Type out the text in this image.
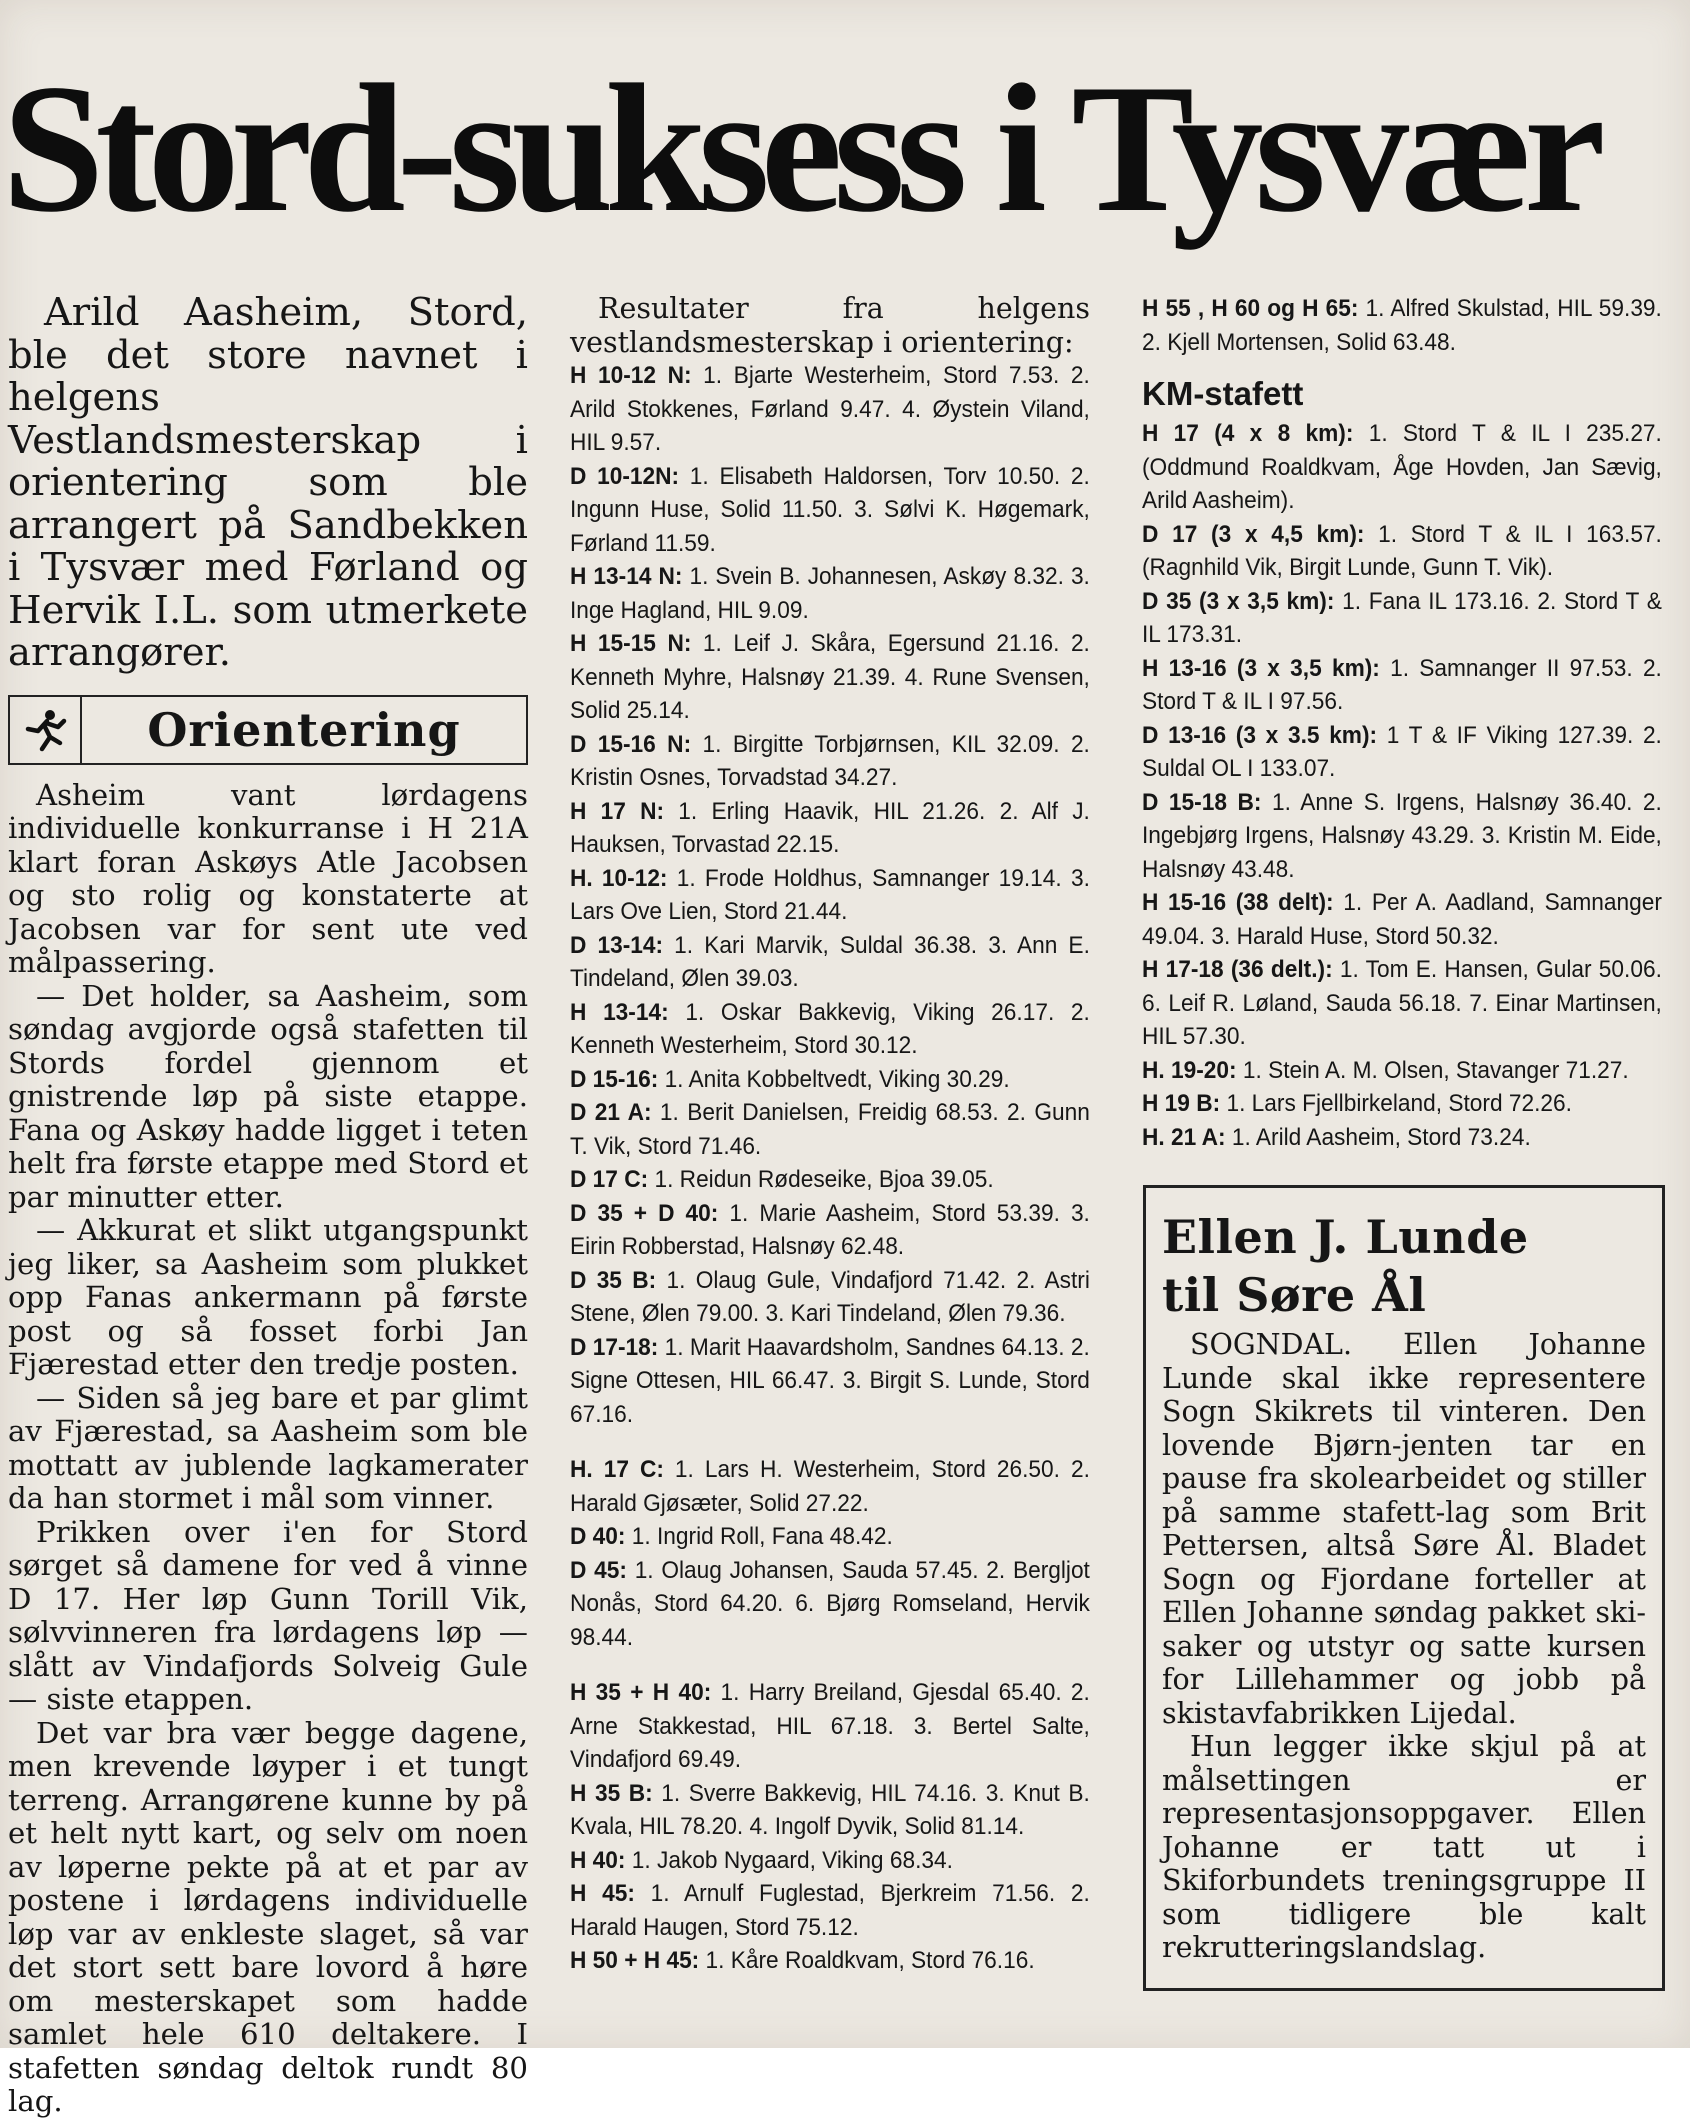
Stord-suksess i Tysvær

Arild Aasheim, Stord, ble det store navnet i helgens Vestlandsmesterskap i orientering som ble arrangert på Sandbekken i Tysvær med Førland og Hervik I.L. som utmerkete arrangører.

Orientering

Asheim vant lørdagens individuelle konkurranse i H 21A klart foran Askøys Atle Jacobsen og sto rolig og konstaterte at Jacobsen var for sent ute ved målpassering.

— Det holder, sa Aasheim, som søndag avgjorde også stafetten til Stords fordel gjennom et gnistrende løp på siste etappe. Fana og Askøy hadde ligget i teten helt fra første etappe med Stord et par minutter etter.

— Akkurat et slikt utgangspunkt jeg liker, sa Aasheim som plukket opp Fanas ankermann på første post og så fosset forbi Jan Fjærestad etter den tredje posten.

— Siden så jeg bare et par glimt av Fjærestad, sa Aasheim som ble mottatt av jublende lagkamerater da han stormet i mål som vinner.

Prikken over i'en for Stord sørget så damene for ved å vinne D 17. Her løp Gunn Torill Vik, sølvvinneren fra lørdagens løp — slått av Vindafjords Solveig Gule — siste etappen.

Det var bra vær begge dagene, men krevende løyper i et tungt terreng. Arrangørene kunne by på et helt nytt kart, og selv om noen av løperne pekte på at et par av postene i lørdagens individuelle løp var av enkleste slaget, så var det stort sett bare lovord å høre om mesterskapet som hadde samlet hele 610 deltakere. I stafetten søndag deltok rundt 80 lag.

Resultater fra helgens vestlandsmesterskap i orientering:

H 10-12 N: 1. Bjarte Westerheim, Stord 7.53. 2. Arild Stokkenes, Førland 9.47. 4. Øystein Viland, HIL 9.57.

D 10-12N: 1. Elisabeth Haldorsen, Torv 10.50. 2. Ingunn Huse, Solid 11.50. 3. Sølvi K. Høgemark, Førland 11.59.

H 13-14 N: 1. Svein B. Johannesen, Askøy 8.32. 3. Inge Hagland, HIL 9.09.

H 15-15 N: 1. Leif J. Skåra, Egersund 21.16. 2. Kenneth Myhre, Halsnøy 21.39. 4. Rune Svensen, Solid 25.14.

D 15-16 N: 1. Birgitte Torbjørnsen, KIL 32.09. 2. Kristin Osnes, Torvadstad 34.27.

H 17 N: 1. Erling Haavik, HIL 21.26. 2. Alf J. Hauksen, Torvastad 22.15.

H. 10-12: 1. Frode Holdhus, Samnanger 19.14. 3. Lars Ove Lien, Stord 21.44.

D 13-14: 1. Kari Marvik, Suldal 36.38. 3. Ann E. Tindeland, Ølen 39.03.

H 13-14: 1. Oskar Bakkevig, Viking 26.17. 2. Kenneth Westerheim, Stord 30.12.

D 15-16: 1. Anita Kobbeltvedt, Viking 30.29.

D 21 A: 1. Berit Danielsen, Freidig 68.53. 2. Gunn T. Vik, Stord 71.46.

D 17 C: 1. Reidun Rødeseike, Bjoa 39.05.

D 35 + D 40: 1. Marie Aasheim, Stord 53.39. 3. Eirin Robberstad, Halsnøy 62.48.

D 35 B: 1. Olaug Gule, Vindafjord 71.42. 2. Astri Stene, Ølen 79.00. 3. Kari Tindeland, Ølen 79.36.

D 17-18: 1. Marit Haavardsholm, Sandnes 64.13. 2. Signe Ottesen, HIL 66.47. 3. Birgit S. Lunde, Stord 67.16.

H. 17 C: 1. Lars H. Westerheim, Stord 26.50. 2. Harald Gjøsæter, Solid 27.22.

D 40: 1. Ingrid Roll, Fana 48.42.

D 45: 1. Olaug Johansen, Sauda 57.45. 2. Bergljot Nonås, Stord 64.20. 6. Bjørg Romseland, Hervik 98.44.

H 35 + H 40: 1. Harry Breiland, Gjesdal 65.40. 2. Arne Stakkestad, HIL 67.18. 3. Bertel Salte, Vindafjord 69.49.

H 35 B: 1. Sverre Bakkevig, HIL 74.16. 3. Knut B. Kvala, HIL 78.20. 4. Ingolf Dyvik, Solid 81.14.

H 40: 1. Jakob Nygaard, Viking 68.34.

H 45: 1. Arnulf Fuglestad, Bjerkreim 71.56. 2. Harald Haugen, Stord 75.12.

H 50 + H 45: 1. Kåre Roaldkvam, Stord 76.16.

H 55 , H 60 og H 65: 1. Alfred Skulstad, HIL 59.39. 2. Kjell Mortensen, Solid 63.48.

KM-stafett

H 17 (4 x 8 km): 1. Stord T & IL I 235.27. (Oddmund Roaldkvam, Åge Hovden, Jan Sævig, Arild Aasheim).

D 17 (3 x 4,5 km): 1. Stord T & IL I 163.57. (Ragnhild Vik, Birgit Lunde, Gunn T. Vik).

D 35 (3 x 3,5 km): 1. Fana IL 173.16. 2. Stord T & IL 173.31.

H 13-16 (3 x 3,5 km): 1. Samnanger II 97.53. 2. Stord T & IL I 97.56.

D 13-16 (3 x 3.5 km): 1 T & IF Viking 127.39. 2. Suldal OL I 133.07.

D 15-18 B: 1. Anne S. Irgens, Halsnøy 36.40. 2. Ingebjørg Irgens, Halsnøy 43.29. 3. Kristin M. Eide, Halsnøy 43.48.

H 15-16 (38 delt): 1. Per A. Aadland, Samnanger 49.04. 3. Harald Huse, Stord 50.32.

H 17-18 (36 delt.): 1. Tom E. Hansen, Gular 50.06. 6. Leif R. Løland, Sauda 56.18. 7. Einar Martinsen, HIL 57.30.

H. 19-20: 1. Stein A. M. Olsen, Stavanger 71.27.

H 19 B: 1. Lars Fjellbirkeland, Stord 72.26.

H. 21 A: 1. Arild Aasheim, Stord 73.24.

Ellen J. Lunde
til Søre Ål

SOGNDAL. Ellen Johanne Lunde skal ikke representere Sogn Skikrets til vinteren. Den lovende Bjørn-jenten tar en pause fra skolearbeidet og stiller på samme stafett-lag som Brit Pettersen, altså Søre Ål. Bladet Sogn og Fjordane forteller at Ellen Johanne søndag pakket ski-saker og utstyr og satte kursen for Lillehammer og jobb på skistavfabrikken Lijedal.

Hun legger ikke skjul på at målsettingen er representasjonsoppgaver. Ellen Johanne er tatt ut i Skiforbundets treningsgruppe II som tidligere ble kalt rekrutteringslandslag.
